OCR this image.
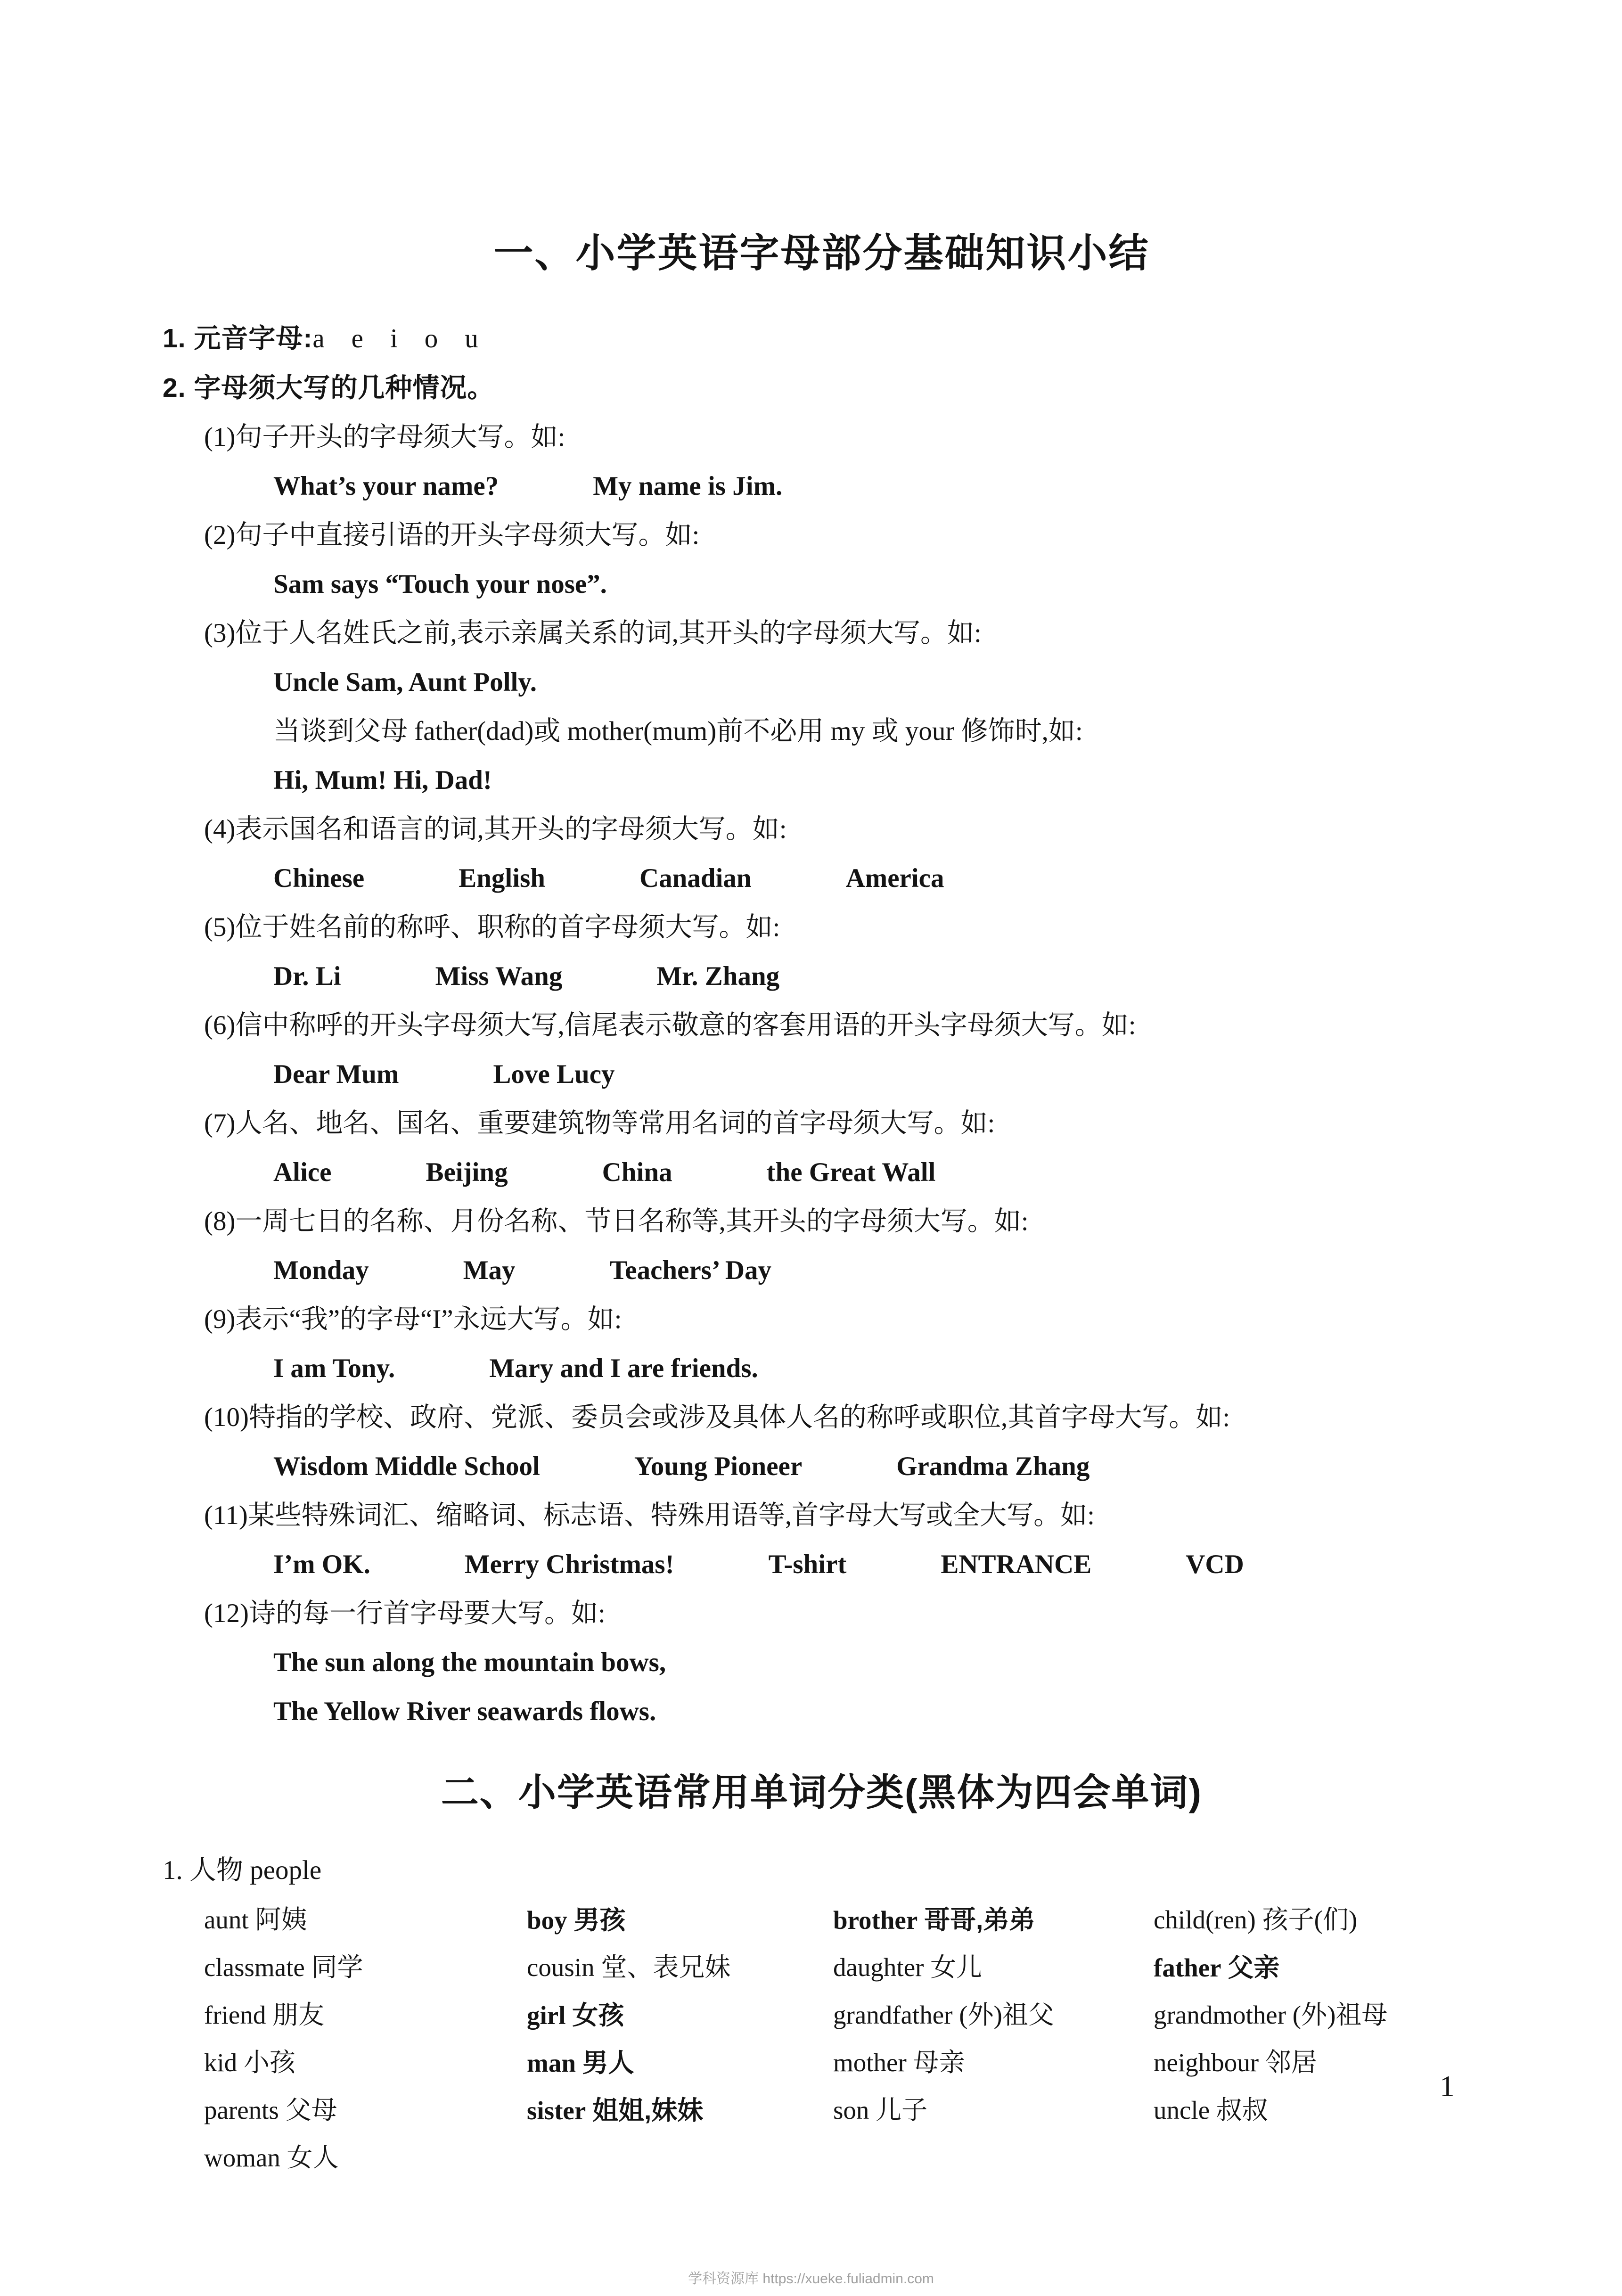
一、小学英语字母部分基础知识小结
1. 元音字母:a e i o u
2. 字母须大写的几种情况。
(1)句子开头的字母须大写。如:
What’s your name?	My name is Jim.
(2)句子中直接引语的开头字母须大写。如:
Sam says “Touch your nose”.
(3)位于人名姓氏之前,表示亲属关系的词,其开头的字母须大写。如:
Uncle Sam, Aunt Polly.
当谈到父母 father(dad)或 mother(mum)前不必用 my 或 your 修饰时,如:
Hi, Mum! Hi, Dad!
(4)表示国名和语言的词,其开头的字母须大写。如:
Chinese	English	Canadian	America
(5)位于姓名前的称呼、职称的首字母须大写。如:
Dr. Li	Miss Wang	Mr. Zhang
(6)信中称呼的开头字母须大写,信尾表示敬意的客套用语的开头字母须大写。如:
Dear Mum	Love Lucy
(7)人名、地名、国名、重要建筑物等常用名词的首字母须大写。如:
Alice	Beijing	China	the Great Wall
(8)一周七日的名称、月份名称、节日名称等,其开头的字母须大写。如:
Monday	May	Teachers’ Day
(9)表示“我”的字母“I”永远大写。如:
I am Tony.	Mary and I are friends.
(10)特指的学校、政府、党派、委员会或涉及具体人名的称呼或职位,其首字母大写。如:
Wisdom Middle School	Young Pioneer	Grandma Zhang
(11)某些特殊词汇、缩略词、标志语、特殊用语等,首字母大写或全大写。如:
I’m OK.	Merry Christmas!	T-shirt	ENTRANCE	VCD
(12)诗的每一行首字母要大写。如:
The sun along the mountain bows,
The Yellow River seawards flows.
二、小学英语常用单词分类(黑体为四会单词)
1. 人物 people
aunt 阿姨	boy 男孩	brother 哥哥,弟弟	child(ren) 孩子(们)
classmate 同学	cousin 堂、表兄妹	daughter 女儿	father 父亲
friend 朋友	girl 女孩	grandfather (外)祖父	grandmother (外)祖母
kid 小孩	man 男人	mother 母亲	neighbour 邻居
parents 父母	sister 姐姐,妹妹	son 儿子	uncle 叔叔
woman 女人
1
学科资源库 https://xueke.fuliadmin.com
